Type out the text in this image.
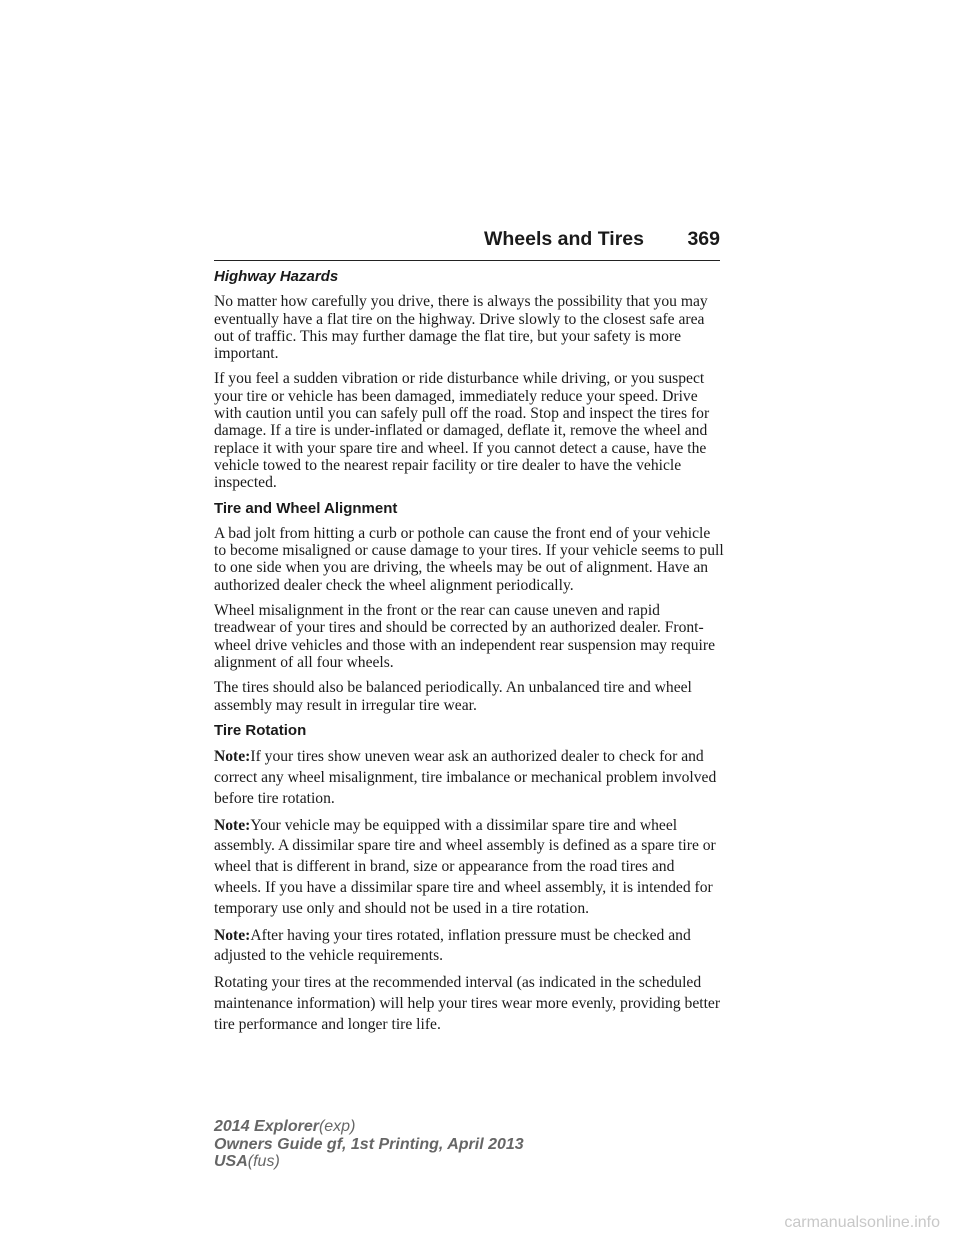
Wheels and Tires 369
Highway Hazards

No matter how carefully you drive, there is always the possibility that you may eventually have a flat tire on the highway. Drive slowly to the closest safe area out of traffic. This may further damage the flat tire, but your safety is more important.

If you feel a sudden vibration or ride disturbance while driving, or you suspect your tire or vehicle has been damaged, immediately reduce your speed. Drive with caution until you can safely pull off the road. Stop and inspect the tires for damage. If a tire is under-inflated or damaged, deflate it, remove the wheel and replace it with your spare tire and wheel. If you cannot detect a cause, have the vehicle towed to the nearest repair facility or tire dealer to have the vehicle inspected.

Tire and Wheel Alignment

A bad jolt from hitting a curb or pothole can cause the front end of your vehicle to become misaligned or cause damage to your tires. If your vehicle seems to pull to one side when you are driving, the wheels may be out of alignment. Have an authorized dealer check the wheel alignment periodically.

Wheel misalignment in the front or the rear can cause uneven and rapid treadwear of your tires and should be corrected by an authorized dealer. Front-wheel drive vehicles and those with an independent rear suspension may require alignment of all four wheels.

The tires should also be balanced periodically. An unbalanced tire and wheel assembly may result in irregular tire wear.

Tire Rotation

Note:If your tires show uneven wear ask an authorized dealer to check for and correct any wheel misalignment, tire imbalance or mechanical problem involved before tire rotation.

Note:Your vehicle may be equipped with a dissimilar spare tire and wheel assembly. A dissimilar spare tire and wheel assembly is defined as a spare tire or wheel that is different in brand, size or appearance from the road tires and wheels. If you have a dissimilar spare tire and wheel assembly, it is intended for temporary use only and should not be used in a tire rotation.

Note:After having your tires rotated, inflation pressure must be checked and adjusted to the vehicle requirements.

Rotating your tires at the recommended interval (as indicated in the scheduled maintenance information) will help your tires wear more evenly, providing better tire performance and longer tire life.

2014 Explorer(exp)
Owners Guide gf, 1st Printing, April 2013
USA(fus)
carmanualsonline.info
